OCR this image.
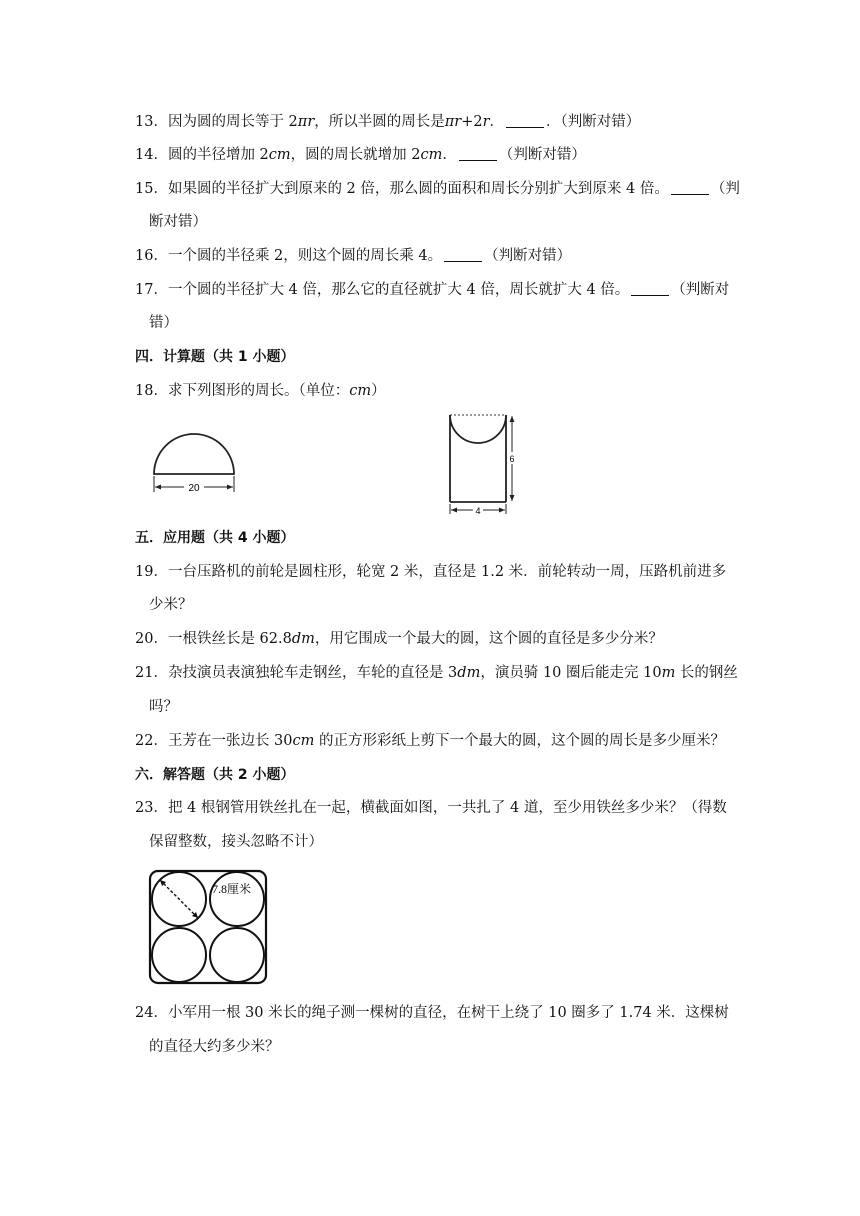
13．因为圆的周长等于 2πr，所以半圆的周长是πr+2r．	．（判断对错）
14．圆的半径增加 2cm，圆的周长就增加 2cm．	（判断对错）
15．如果圆的半径扩大到原来的 2 倍，那么圆的面积和周长分别扩大到原来 4 倍。	（判
断对错）
16．一个圆的半径乘 2，则这个圆的周长乘 4。	（判断对错）
17．一个圆的半径扩大 4 倍，那么它的直径就扩大 4 倍，周长就扩大 4 倍。	（判断对
错）
四．计算题（共 1 小题）
18．求下列图形的周长。（单位：cm）
20
6
4
五．应用题（共 4 小题）
19．一台压路机的前轮是圆柱形，轮宽 2 米，直径是 1.2 米．前轮转动一周，压路机前进多
少米？
20．一根铁丝长是 62.8dm，用它围成一个最大的圆，这个圆的直径是多少分米？
21．杂技演员表演独轮车走钢丝，车轮的直径是 3dm，演员骑 10 圈后能走完 10m 长的钢丝
吗？
22．王芳在一张边长 30cm 的正方形彩纸上剪下一个最大的圆，这个圆的周长是多少厘米？
六．解答题（共 2 小题）
23．把 4 根钢管用铁丝扎在一起，横截面如图，一共扎了 4 道，至少用铁丝多少米？（得数
保留整数，接头忽略不计）
7.8厘米
24．小军用一根 30 米长的绳子测一棵树的直径，在树干上绕了 10 圈多了 1.74 米．这棵树
的直径大约多少米？
